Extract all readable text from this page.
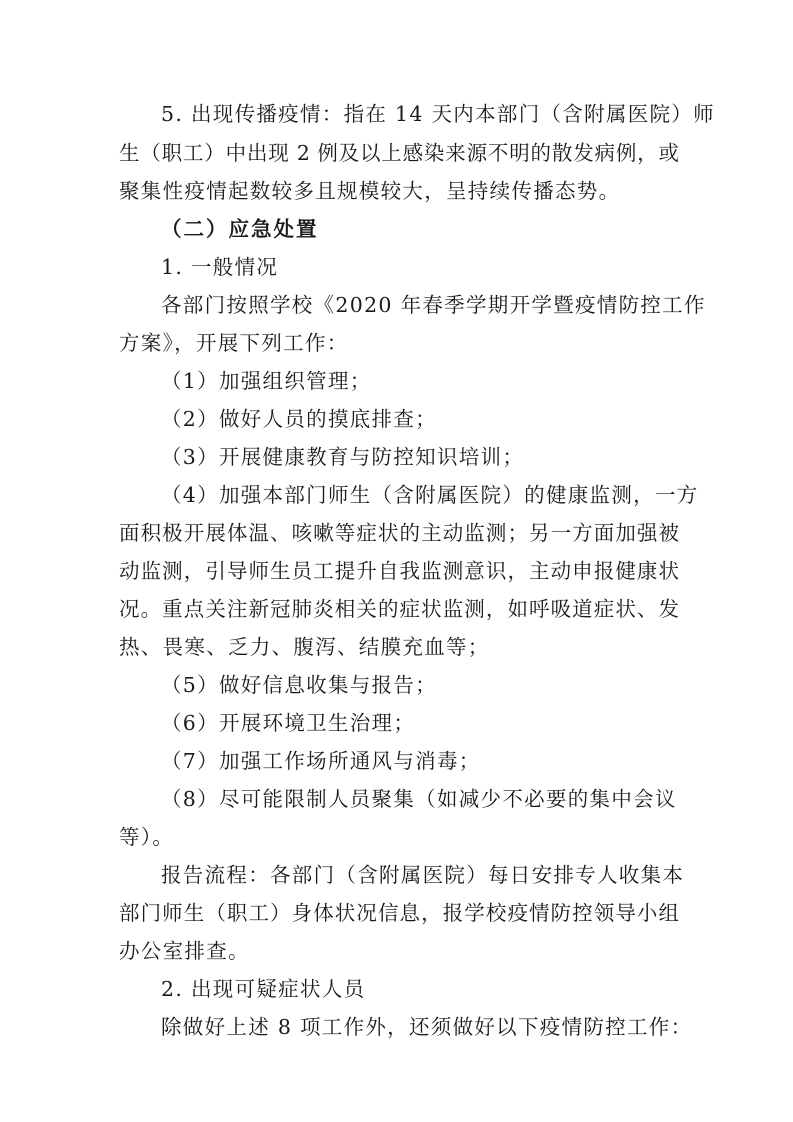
5. 出现传播疫情：指在 14 天内本部门（含附属医院）师
生（职工）中出现 2 例及以上感染来源不明的散发病例，或
聚集性疫情起数较多且规模较大，呈持续传播态势。
（二）应急处置
1. 一般情况
各部门按照学校《2020 年春季学期开学暨疫情防控工作
方案》，开展下列工作：
（1）加强组织管理；
（2）做好人员的摸底排查；
（3）开展健康教育与防控知识培训；
（4）加强本部门师生（含附属医院）的健康监测，一方
面积极开展体温、咳嗽等症状的主动监测；另一方面加强被
动监测，引导师生员工提升自我监测意识，主动申报健康状
况。重点关注新冠肺炎相关的症状监测，如呼吸道症状、发
热、畏寒、乏力、腹泻、结膜充血等；
（5）做好信息收集与报告；
（6）开展环境卫生治理；
（7）加强工作场所通风与消毒；
（8）尽可能限制人员聚集（如减少不必要的集中会议
等）。
报告流程：各部门（含附属医院）每日安排专人收集本
部门师生（职工）身体状况信息，报学校疫情防控领导小组
办公室排查。
2. 出现可疑症状人员
除做好上述 8 项工作外，还须做好以下疫情防控工作：
